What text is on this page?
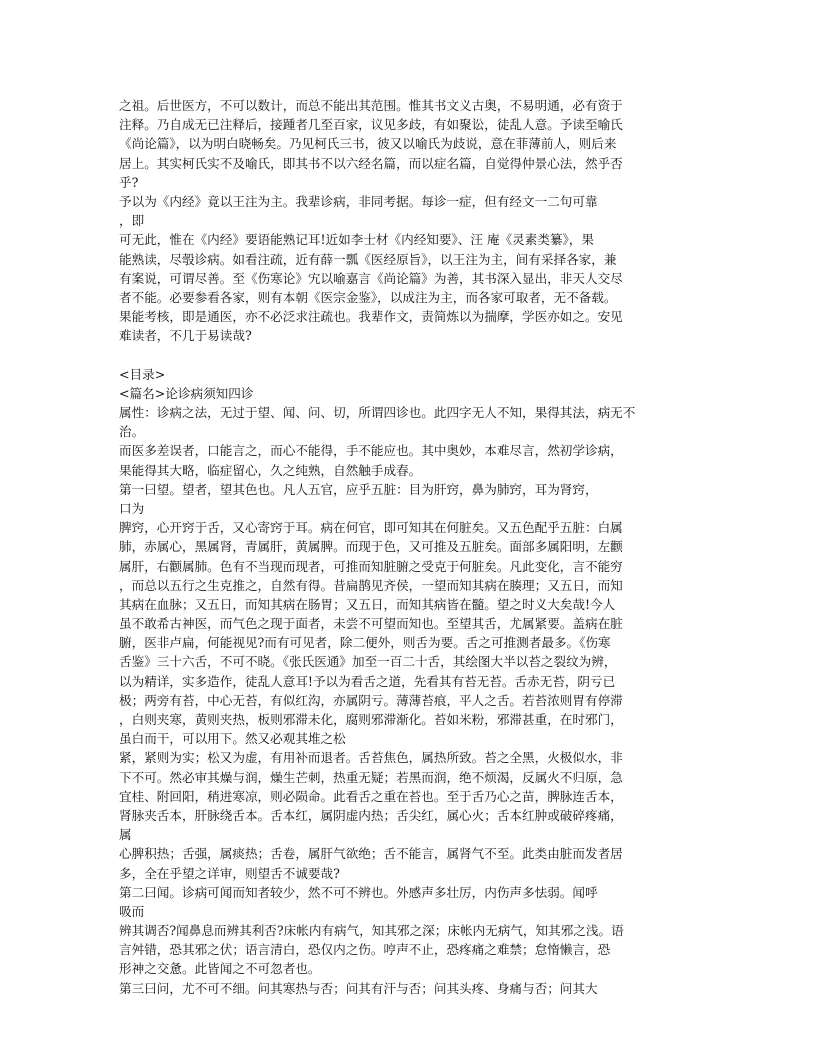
之祖。后世医方，不可以数计，而总不能出其范围。惟其书文义古奥，不易明通，必有资于
注释。乃自成无已注释后，接踵者几至百家，议见多歧，有如聚讼，徒乱人意。予读至喻氏
《尚论篇》，以为明白晓畅矣。乃见柯氏三书，彼又以喻氏为歧说，意在菲薄前人，则后来
居上。其实柯氏实不及喻氏，即其书不以六经名篇，而以症名篇，自觉得仲景心法，然乎否
乎?
予以为《内经》竟以王注为主。我辈诊病，非同考据。每诊一症，但有经文一二句可靠
，即
可无此，惟在《内经》要语能熟记耳!近如李士材《内经知要》、汪 庵《灵素类纂》，果
能熟读，尽彀诊病。如看注疏，近有薛一瓢《医经原旨》，以王注为主，间有采择各家，兼
有案说，可谓尽善。至《伤寒论》宄以喻嘉言《尚论篇》为善，其书深入显出，非天人交尽
者不能。必要参看各家，则有本朝《医宗金鉴》，以成注为主，而各家可取者，无不备载。
果能考核，即是通医，亦不必泛求注疏也。我辈作文，责简炼以为揣摩，学医亦如之。安见
难读者，不几于易读哉?
<目录>
<篇名>论诊病须知四诊
属性：诊病之法，无过于望、闻、问、切，所谓四诊也。此四字无人不知，果得其法，病无不
治。
而医多差误者，口能言之，而心不能得，手不能应也。其中奥妙，本难尽言，然初学诊病，
果能得其大略，临症留心，久之纯熟，自然触手成春。
第一曰望。望者，望其色也。凡人五官，应乎五脏：目为肝窍，鼻为肺窍，耳为肾窍，
口为
脾窍，心开窍于舌，又心寄窍于耳。病在何官，即可知其在何脏矣。又五色配乎五脏：白属
肺，赤属心，黑属肾，青属肝，黄属脾。而现于色，又可推及五脏矣。面部多属阳明，左颧
属肝，右颧属肺。色有不当现而现者，可推而知脏腑之受克于何脏矣。凡此变化，言不能穷
，而总以五行之生克推之，自然有得。昔扁鹊见齐侯，一望而知其病在腠理；又五日，而知
其病在血脉；又五日，而知其病在肠胃；又五日，而知其病皆在髓。望之时义大矣哉!今人
虽不敢希古神医，而气色之现于面者，未尝不可望而知也。至望其舌，尤属紧要。盖病在脏
腑，医非卢扁，何能视见?而有可见者，除二便外，则舌为要。舌之可推测者最多。《伤寒
舌鉴》三十六舌，不可不晓。《张氏医通》加至一百二十舌，其绘图大半以苔之裂纹为辨，
以为精详，实多造作，徒乱人意耳!予以为看舌之道，先看其有苔无苔。舌赤无苔，阴亏已
极；两旁有苔，中心无苔，有似红沟，亦属阴亏。薄薄苔痕，平人之舌。若苔浓则胃有停滞
，白则夹寒，黄则夹热，板则邪滞未化，腐则邪滞渐化。苔如米粉，邪滞甚重，在时邪门，
虽白而干，可以用下。然又必观其堆之松
紧，紧则为实；松又为虚，有用补而退者。舌苔焦色，属热所致。苔之全黑，火极似水，非
下不可。然必审其燥与润，燥生芒刺，热重无疑；若黑而润，绝不烦渴，反属火不归原，急
宜桂、附回阳，稍进寒凉，则必陨命。此看舌之重在苔也。至于舌乃心之苗，脾脉连舌本，
肾脉夹舌本，肝脉绕舌本。舌本红，属阴虚内热；舌尖红，属心火；舌本红肿或破碎疼痛，
属
心脾积热；舌强，属痰热；舌卷，属肝气欲绝；舌不能言，属肾气不至。此类由脏而发者居
多，全在乎望之详审，则望舌不诚要哉?
第二曰闻。诊病可闻而知者较少，然不可不辨也。外感声多壮厉，内伤声多怯弱。闻呼
吸而
辨其调否?闻鼻息而辨其利否?床帐内有病气，知其邪之深；床帐内无病气，知其邪之浅。语
言舛错，恐其邪之伏；语言清白，恐仅内之伤。哼声不止，恐疼痛之难禁；怠惰懒言，恐
形神之交惫。此皆闻之不可忽者也。
第三曰问，尤不可不细。问其寒热与否；问其有汗与否；问其头疼、身痛与否；问其大
